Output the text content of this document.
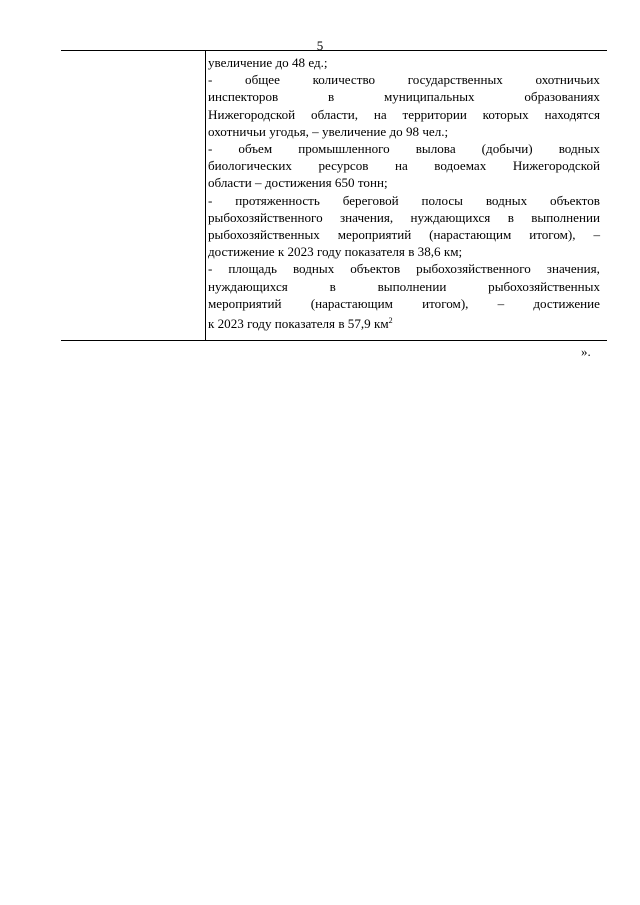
5
увеличение до 48 ед.;
- общее количество государственных охотничьих
инспекторов	в	муниципальных	образованиях
Нижегородской области, на территории которых находятся
охотничьи угодья, – увеличение до 98 чел.;
- объем промышленного вылова (добычи) водных
биологических ресурсов на водоемах Нижегородской
области – достижения 650 тонн;
- протяженность береговой полосы водных объектов
рыбохозяйственного значения, нуждающихся в выполнении
рыбохозяйственных мероприятий (нарастающим итогом), –
достижение к 2023 году показателя в 38,6 км;
- площадь водных объектов рыбохозяйственного значения,
нуждающихся	в	выполнении	рыбохозяйственных
мероприятий (нарастающим итогом), – достижение
к 2023 году показателя в 57,9 $км^2$
».
